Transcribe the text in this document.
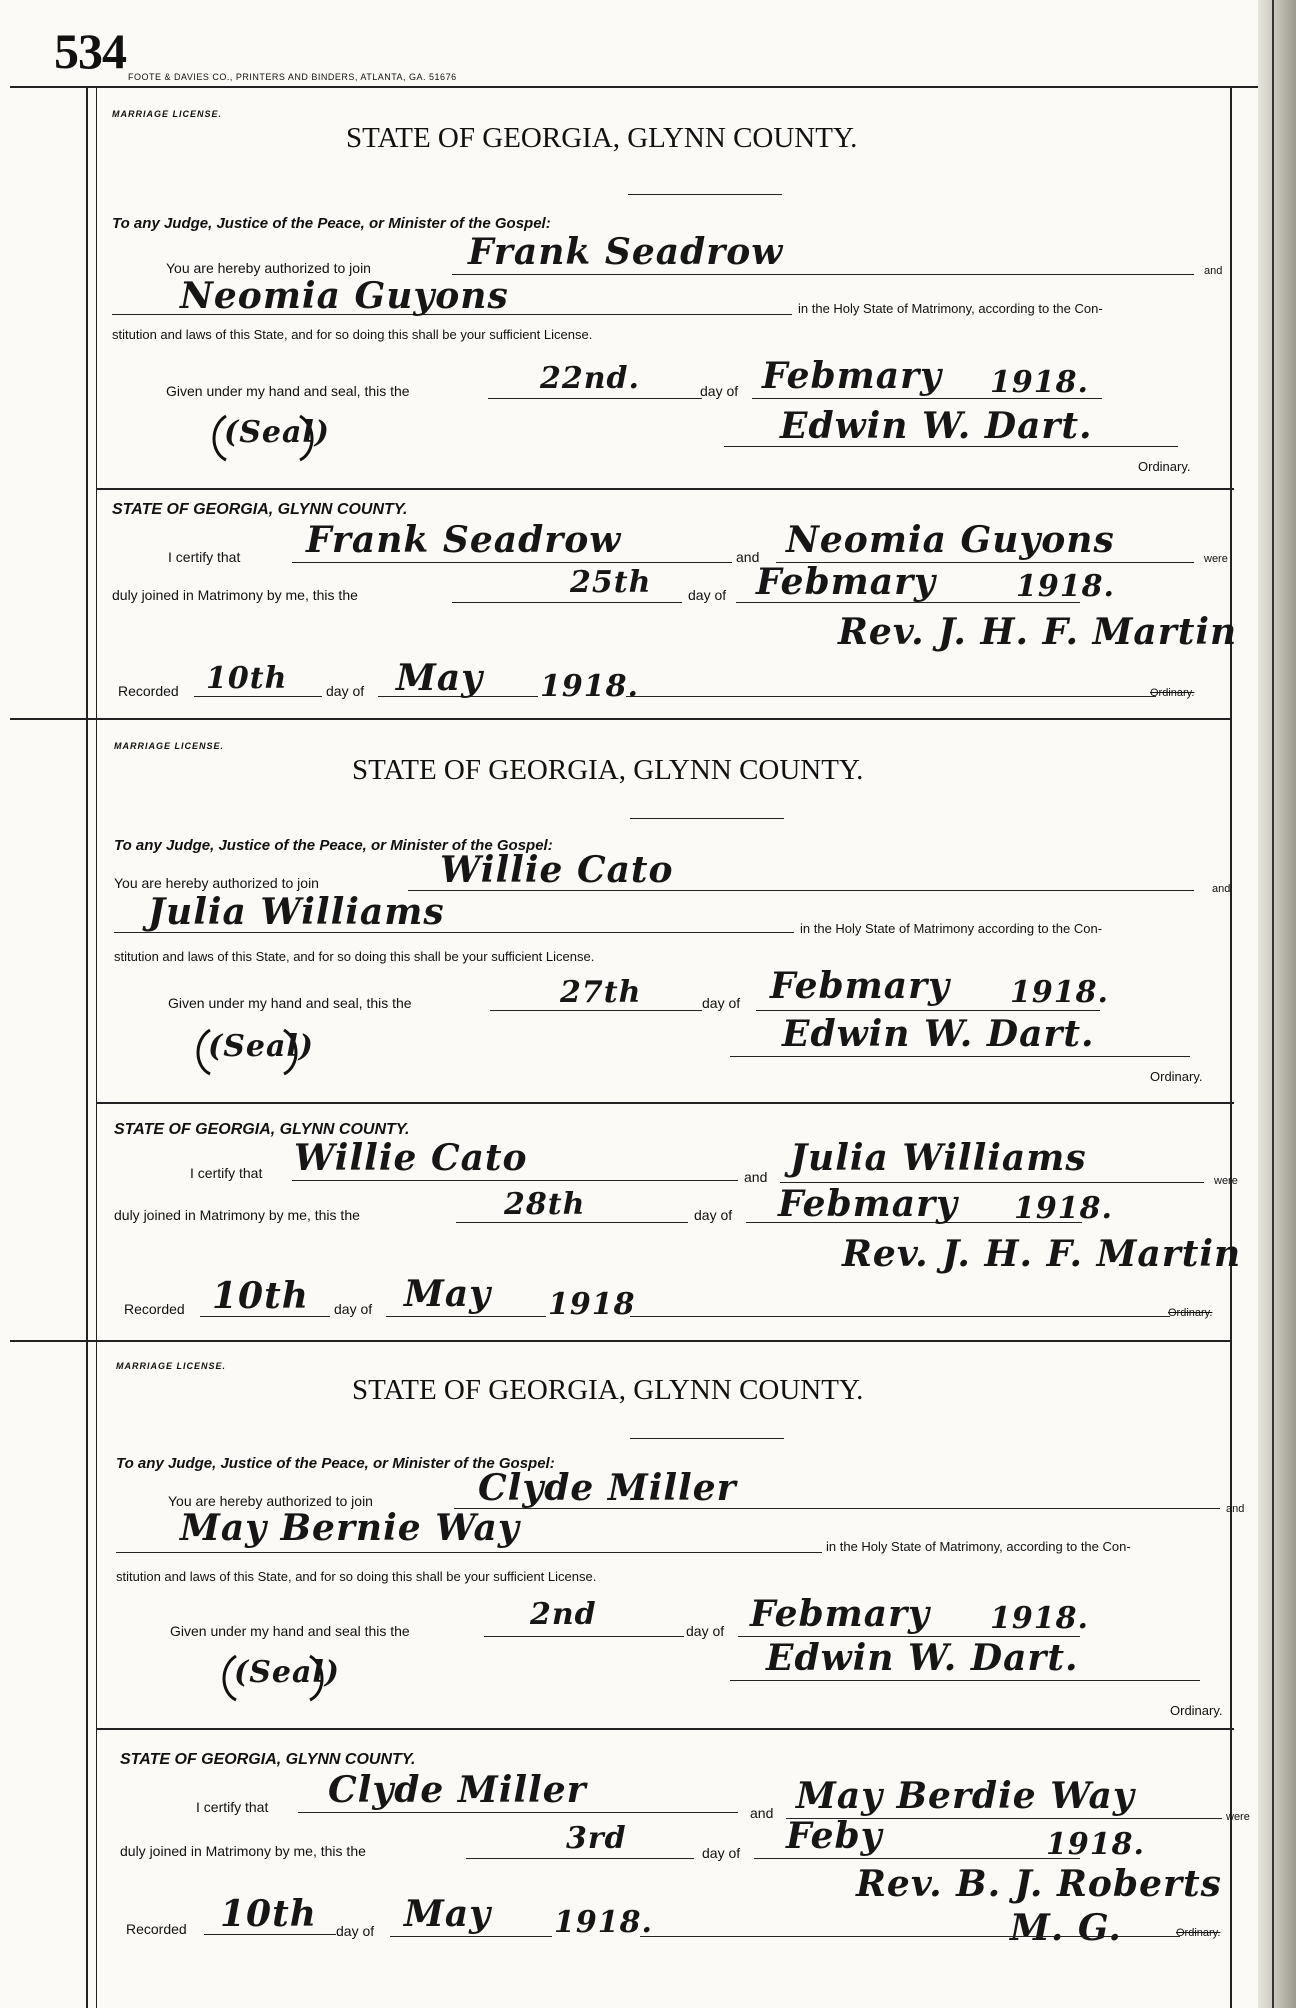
534 FOOTE & DAVIES CO., PRINTERS AND BINDERS, ATLANTA, GA. 51676
MARRIAGE LICENSE.
STATE OF GEORGIA, GLYNN COUNTY.
To any Judge, Justice of the Peace, or Minister of the Gospel:
You are hereby authorized to join	Frank Seadrow	and
Neomia Guyons	in the Holy State of Matrimony, according to the Con-
stitution and laws of this State, and for so doing this shall be your sufficient License.
Given under my hand and seal, this the	22nd.	day of Febmary 1918.
(Seal)	Edwin W. Dart.
Ordinary.
STATE OF GEORGIA, GLYNN COUNTY.
I certify that Frank Seadrow	and Neomia Guyons	were
duly joined in Matrimony by me, this the	25th	day of Febmary	1918.
Rev. J. H. F. Martin
Recorded 10th	day of May 1918.	Ordinary.
MARRIAGE LICENSE.
STATE OF GEORGIA, GLYNN COUNTY.
To any Judge, Justice of the Peace, or Minister of the Gospel:
You are hereby authorized to join	Willie Cato	and
Julia Williams	in the Holy State of Matrimony according to the Con-
stitution and laws of this State, and for so doing this shall be your sufficient License.
Given under my hand and seal, this the	27th	day of Febmary 1918.
(Seal)	Edwin W. Dart.
Ordinary.
STATE OF GEORGIA, GLYNN COUNTY.
I certify that Willie Cato	and Julia Williams
were
duly joined in Matrimony by me, this the	28th	day of Febmary 1918.
Rev. J. H. F. Martin
Recorded 10th day of May 1918	Ordinary.
MARRIAGE LICENSE.
STATE OF GEORGIA, GLYNN COUNTY.
To any Judge, Justice of the Peace, or Minister of the Gospel:
You are hereby authorized to join	Clyde Miller	and
May Bernie Way	in the Holy State of Matrimony, according to the Con-
stitution and laws of this State, and for so doing this shall be your sufficient License.
Given under my hand and seal this the	2nd	day of Febmary 1918.
(Seal)	Edwin W. Dart.
Ordinary.
STATE OF GEORGIA, GLYNN COUNTY.
I certify that Clyde Miller
and May Berdie Way	were
duly joined in Matrimony by me, this the	3rd	day of Feby	1918.
Rev. B. J. Roberts
M. G.
Recorded 10th day of May 1918.	Ordinary.
